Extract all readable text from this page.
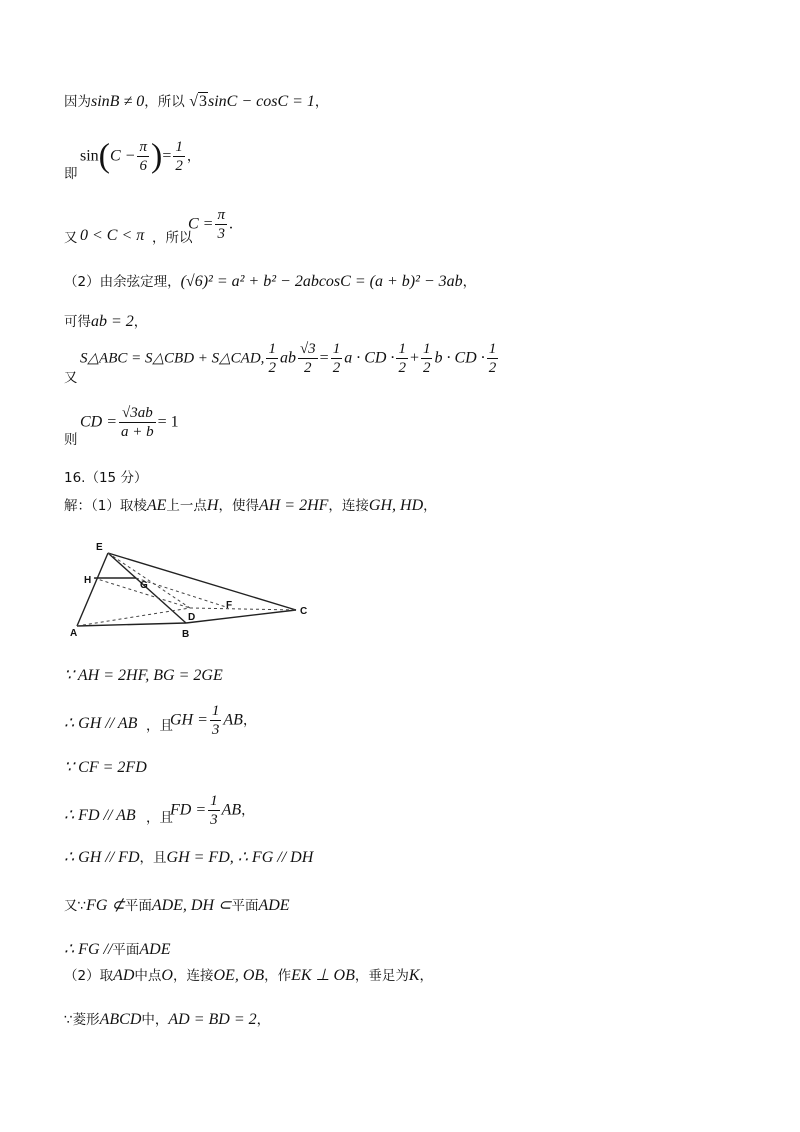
因为sinB ≠ 0，所以 √3sinC − cosC = 1，
即
$\sin(C - \frac{\pi}{6}$ )= $\frac{1}{2}$ ，
又 0 < C < π ，所以
$C = \frac{\pi}{3}$ .
（2）由余弦定理，(√6)² = a² + b² − 2abcosC = (a + b)² − 3ab，
可得ab = 2，
又
S△ABC = S△CBD + S△CAD, $\frac{1}{2}$ ab $\frac{√3}{2} = \frac{1}{2}$ a · CD · $\frac{1}{2} + \frac{1}{2}$ b · CD · $\frac{1}{2}$
则
CD = $\frac{√3ab}{a + b} = 1$
16.（15 分）
解：（1）取棱AE上一点H，使得AH = 2HF，连接GH, HD，
E
H	G
F
D
C
A	B
∵ AH = 2HF, BG = 2GE
∴ GH // AB ，且
GH = $\frac{1}{3}$ AB，
∵ CF = 2FD
∴ FD // AB ，且
FD = $\frac{1}{3}$ AB，
∴ GH // FD，且GH = FD, ∴ FG // DH
又∵FG ⊄平面ADE, DH ⊂平面ADE
∴ FG //平面ADE
（2）取AD中点O，连接OE, OB，作EK ⊥ OB，垂足为K，
∵菱形ABCD中，AD = BD = 2，
